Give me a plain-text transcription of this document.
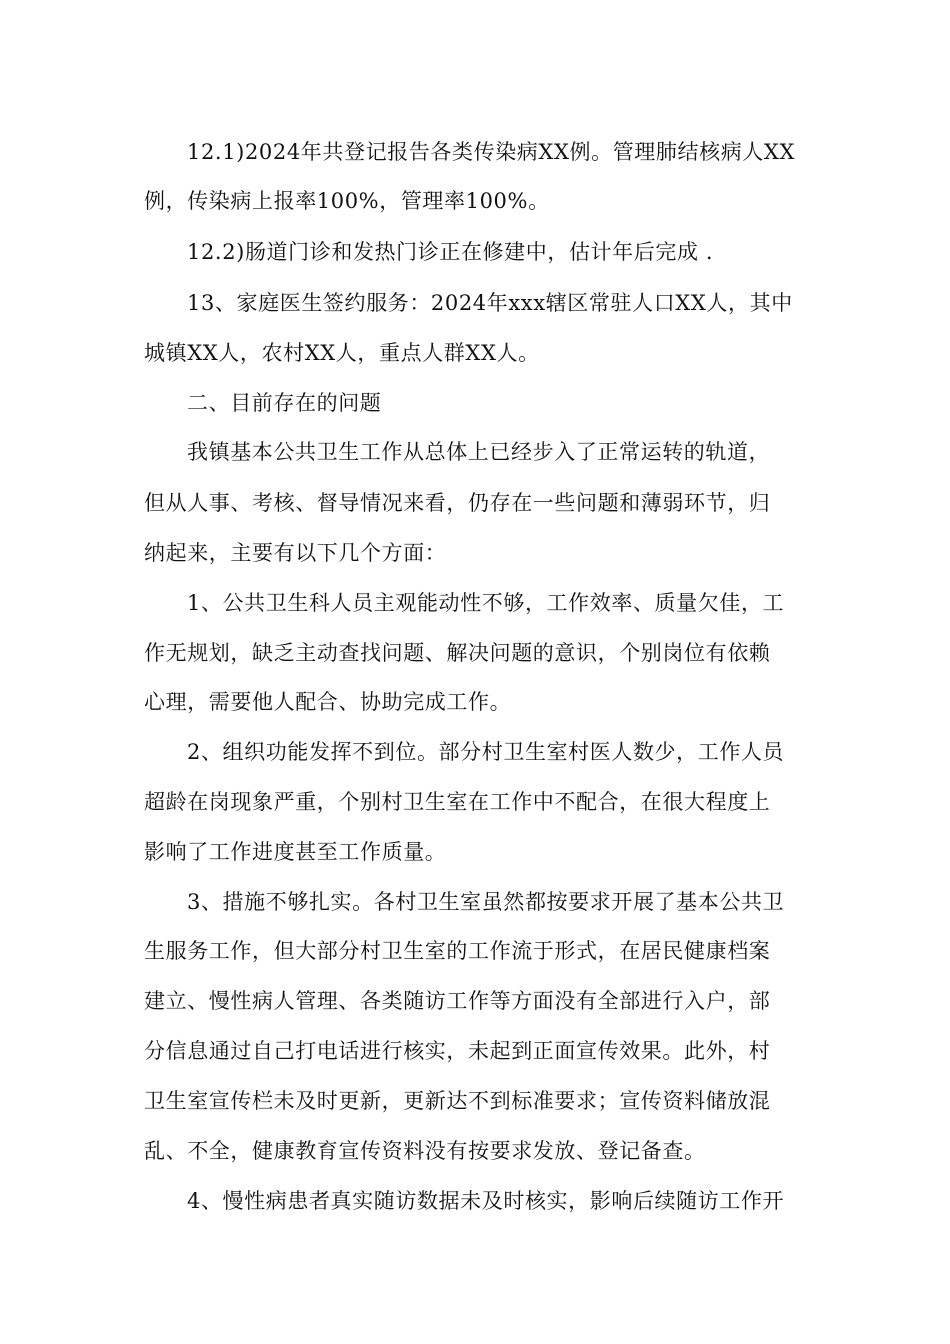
12.1)2024年共登记报告各类传染病XX例。管理肺结核病人XX
例，传染病上报率100%，管理率100%。
12.2)肠道门诊和发热门诊正在修建中，估计年后完成 .
13、家庭医生签约服务：2024年xxx辖区常驻人口XX人，其中
城镇XX人，农村XX人，重点人群XX人。
二、目前存在的问题
我镇基本公共卫生工作从总体上已经步入了正常运转的轨道，
但从人事、考核、督导情况来看，仍存在一些问题和薄弱环节，归
纳起来，主要有以下几个方面：
1、公共卫生科人员主观能动性不够，工作效率、质量欠佳，工
作无规划，缺乏主动查找问题、解决问题的意识，个别岗位有依赖
心理，需要他人配合、协助完成工作。
2、组织功能发挥不到位。部分村卫生室村医人数少，工作人员
超龄在岗现象严重，个别村卫生室在工作中不配合，在很大程度上
影响了工作进度甚至工作质量。
3、措施不够扎实。各村卫生室虽然都按要求开展了基本公共卫
生服务工作，但大部分村卫生室的工作流于形式，在居民健康档案
建立、慢性病人管理、各类随访工作等方面没有全部进行入户，部
分信息通过自己打电话进行核实，未起到正面宣传效果。此外，村
卫生室宣传栏未及时更新，更新达不到标准要求；宣传资料储放混
乱、不全，健康教育宣传资料没有按要求发放、登记备查。
4、慢性病患者真实随访数据未及时核实，影响后续随访工作开
